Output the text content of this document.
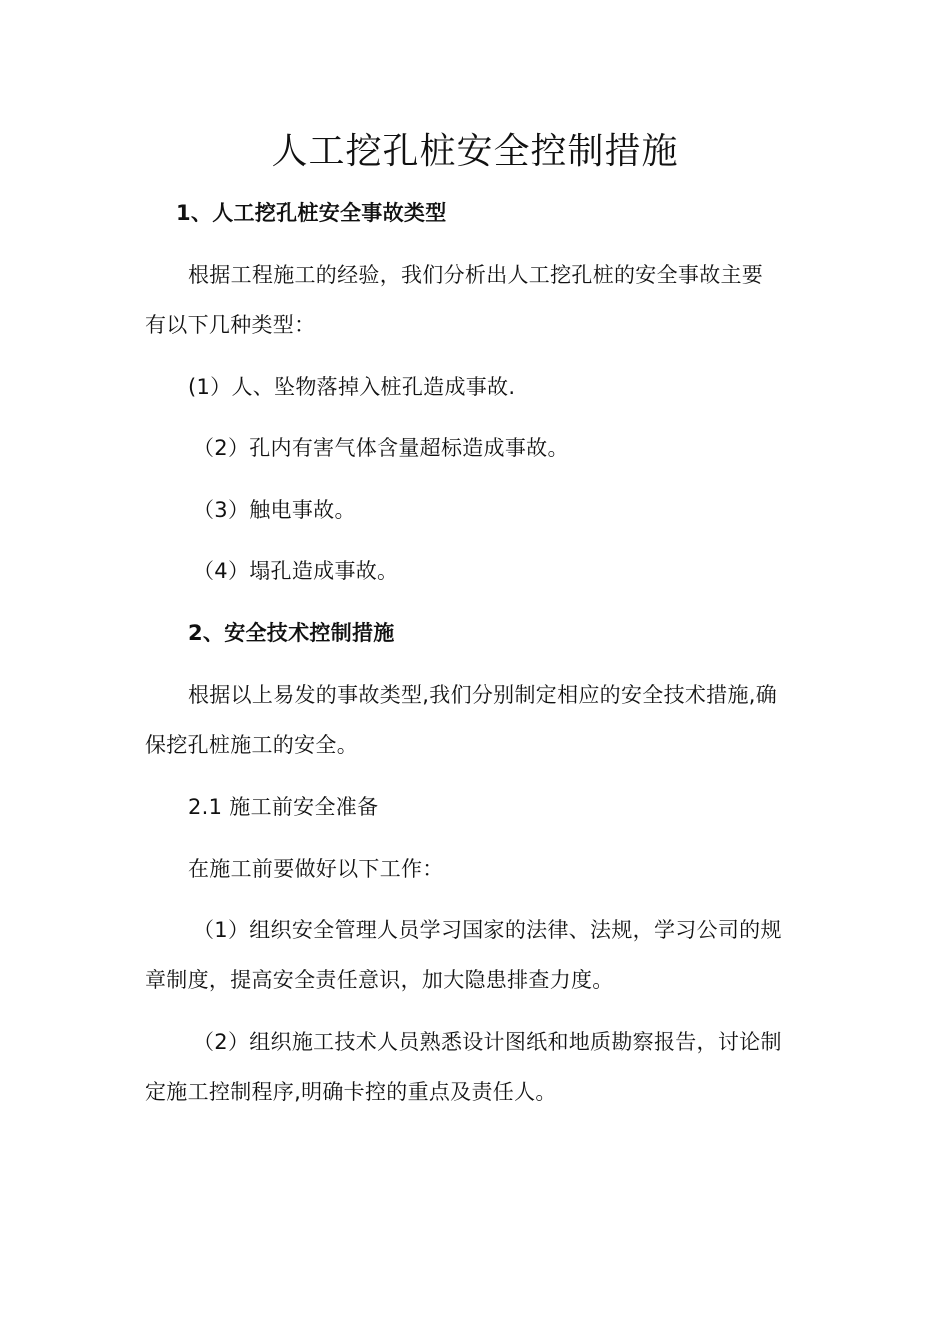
人工挖孔桩安全控制措施
1、人工挖孔桩安全事故类型
根据工程施工的经验，我们分析出人工挖孔桩的安全事故主要
有以下几种类型：
(1）人、坠物落掉入桩孔造成事故.
（2）孔内有害气体含量超标造成事故。
（3）触电事故。
（4）塌孔造成事故。
2、安全技术控制措施
根据以上易发的事故类型,我们分别制定相应的安全技术措施,确
保挖孔桩施工的安全。
2.1 施工前安全准备
在施工前要做好以下工作：
（1）组织安全管理人员学习国家的法律、法规，学习公司的规
章制度，提高安全责任意识，加大隐患排查力度。
（2）组织施工技术人员熟悉设计图纸和地质勘察报告，讨论制
定施工控制程序,明确卡控的重点及责任人。
